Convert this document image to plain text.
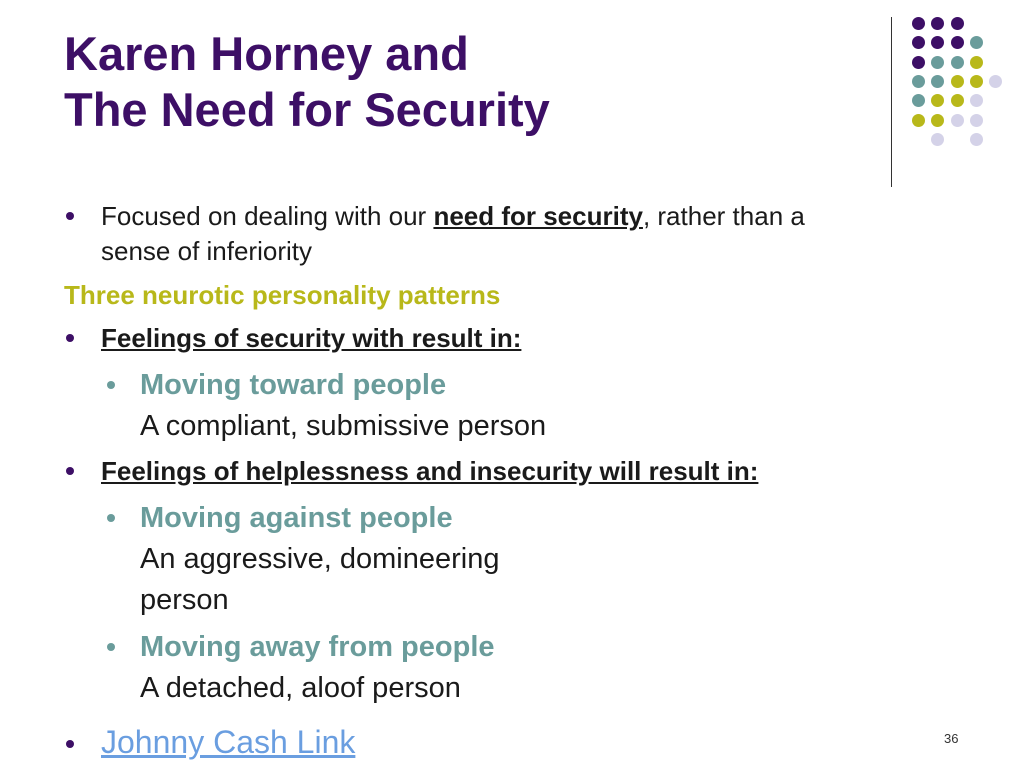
Karen Horney and
The Need for Security
Focused on dealing with our need for security, rather than a
sense of inferiority
Three neurotic personality patterns
Feelings of security with result in:
Moving toward people
A compliant, submissive person
Feelings of helplessness and insecurity will result in:
Moving against people
An aggressive, domineering
person
Moving away from people
A detached, aloof person
Johnny Cash Link	36
